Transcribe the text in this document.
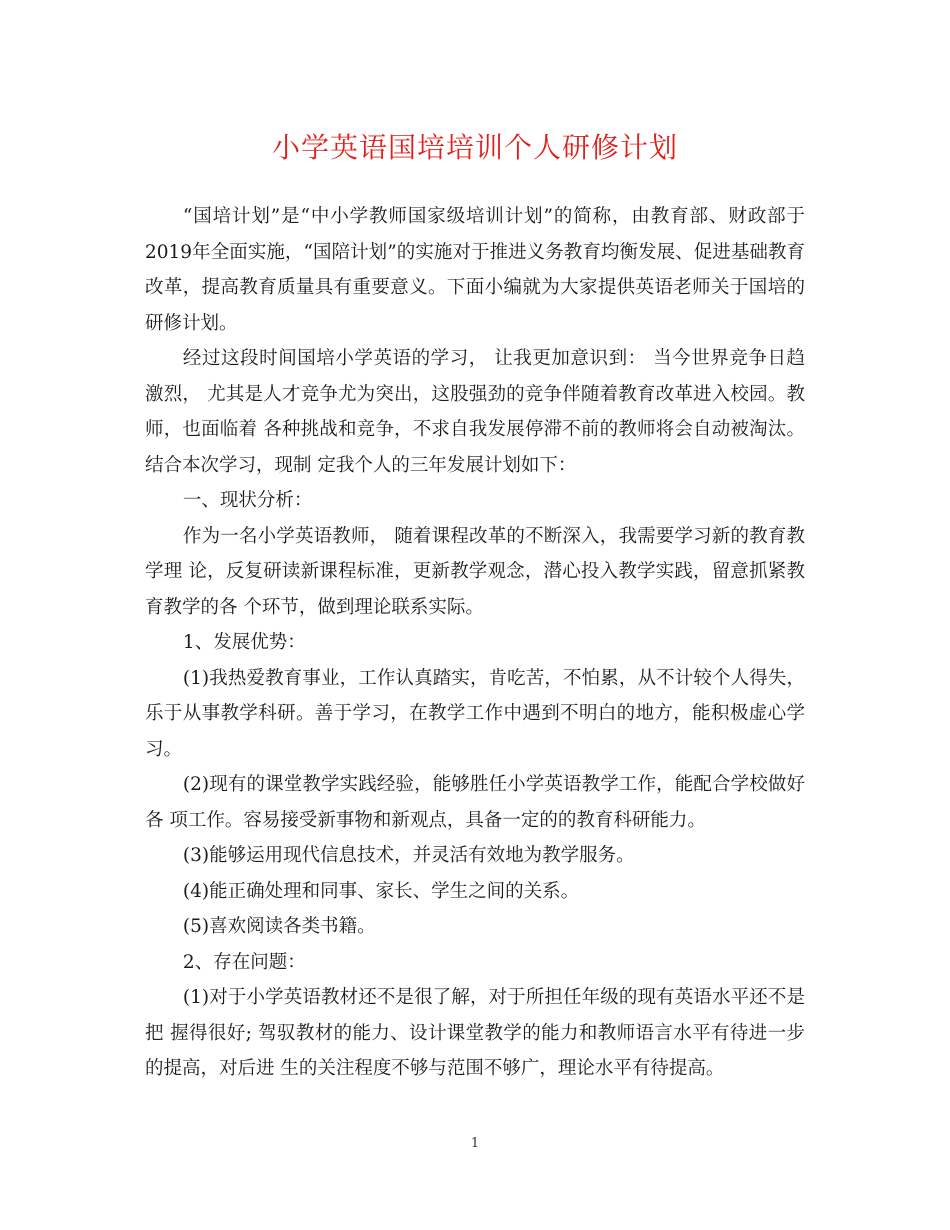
小学英语国培培训个人研修计划

“国培计划”是“中小学教师国家级培训计划”的简称，由教育部、财政部于2019年全面实施，“国陪计划”的实施对于推进义务教育均衡发展、促进基础教育改革，提高教育质量具有重要意义。下面小编就为大家提供英语老师关于国培的研修计划。

经过这段时间国培小学英语的学习， 让我更加意识到： 当今世界竞争日趋激烈， 尤其是人才竞争尤为突出，这股强劲的竞争伴随着教育改革进入校园。教师，也面临着 各种挑战和竞争，不求自我发展停滞不前的教师将会自动被淘汰。结合本次学习，现制 定我个人的三年发展计划如下：

一、现状分析：

作为一名小学英语教师， 随着课程改革的不断深入，我需要学习新的教育教学理 论，反复研读新课程标准，更新教学观念，潜心投入教学实践，留意抓紧教育教学的各 个环节，做到理论联系实际。

1、发展优势：

(1)我热爱教育事业，工作认真踏实，肯吃苦，不怕累，从不计较个人得失，乐于从事教学科研。善于学习，在教学工作中遇到不明白的地方，能积极虚心学习。

(2)现有的课堂教学实践经验，能够胜任小学英语教学工作，能配合学校做好各 项工作。容易接受新事物和新观点，具备一定的的教育科研能力。

(3)能够运用现代信息技术，并灵活有效地为教学服务。

(4)能正确处理和同事、家长、学生之间的关系。

(5)喜欢阅读各类书籍。

2、存在问题：

(1)对于小学英语教材还不是很了解，对于所担任年级的现有英语水平还不是把 握得很好; 驾驭教材的能力、设计课堂教学的能力和教师语言水平有待进一步的提高，对后进 生的关注程度不够与范围不够广，理论水平有待提高。

1
